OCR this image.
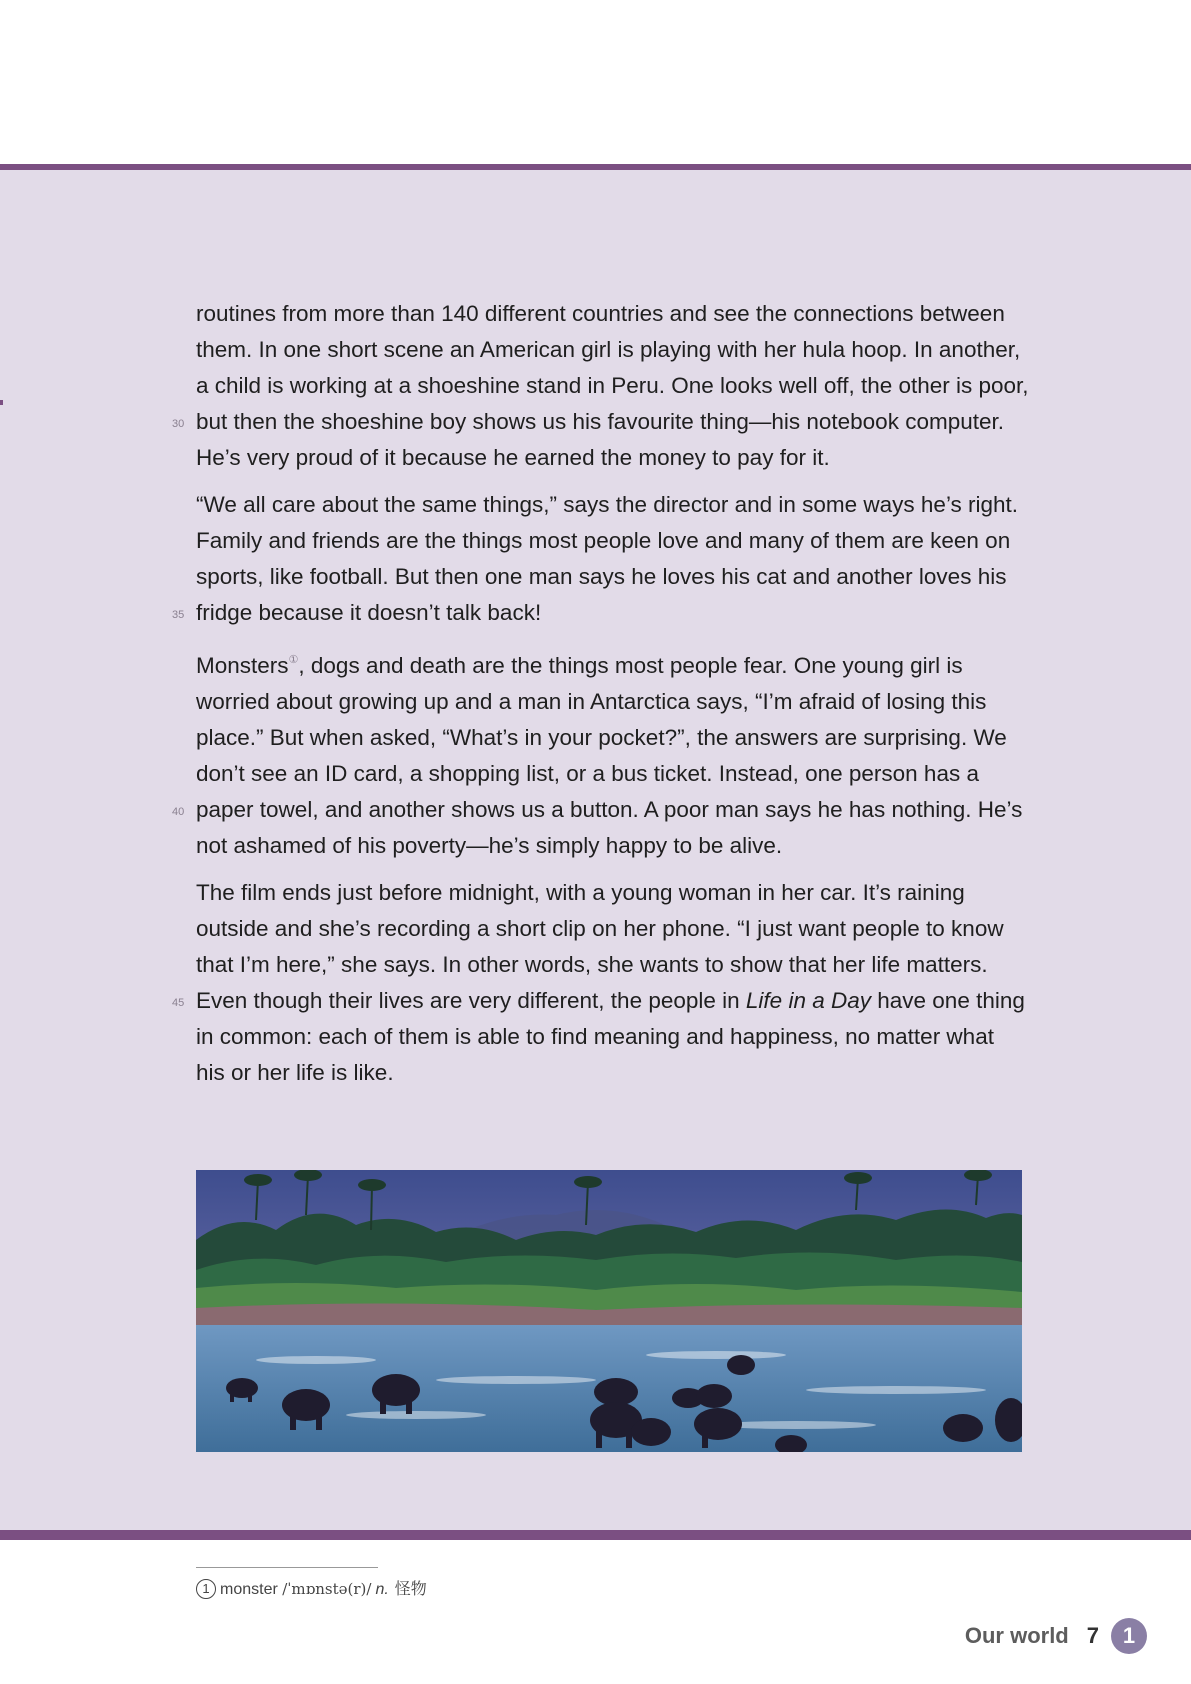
routines from more than 140 different countries and see the connections between
them. In one short scene an American girl is playing with her hula hoop. In another,
a child is working at a shoeshine stand in Peru. One looks well off, the other is poor,
30 but then the shoeshine boy shows us his favourite thing—his notebook computer.
He’s very proud of it because he earned the money to pay for it.
“We all care about the same things,” says the director and in some ways he’s right.
Family and friends are the things most people love and many of them are keen on
sports, like football. But then one man says he loves his cat and another loves his
35 fridge because it doesn’t talk back!
Monsters①, dogs and death are the things most people fear. One young girl is
worried about growing up and a man in Antarctica says, “I’m afraid of losing this
place.” But when asked, “What’s in your pocket?”, the answers are surprising. We
don’t see an ID card, a shopping list, or a bus ticket. Instead, one person has a
40 paper towel, and another shows us a button. A poor man says he has nothing. He’s
not ashamed of his poverty—he’s simply happy to be alive.
The film ends just before midnight, with a young woman in her car. It’s raining
outside and she’s recording a short clip on her phone. “I just want people to know
that I’m here,” she says. In other words, she wants to show that her life matters.
45 Even though their lives are very different, the people in Life in a Day have one thing
in common: each of them is able to find meaning and happiness, no matter what
his or her life is like.
1 monster /ˈmɒnstə(r)/ n. 怪物
Our world 7	1
